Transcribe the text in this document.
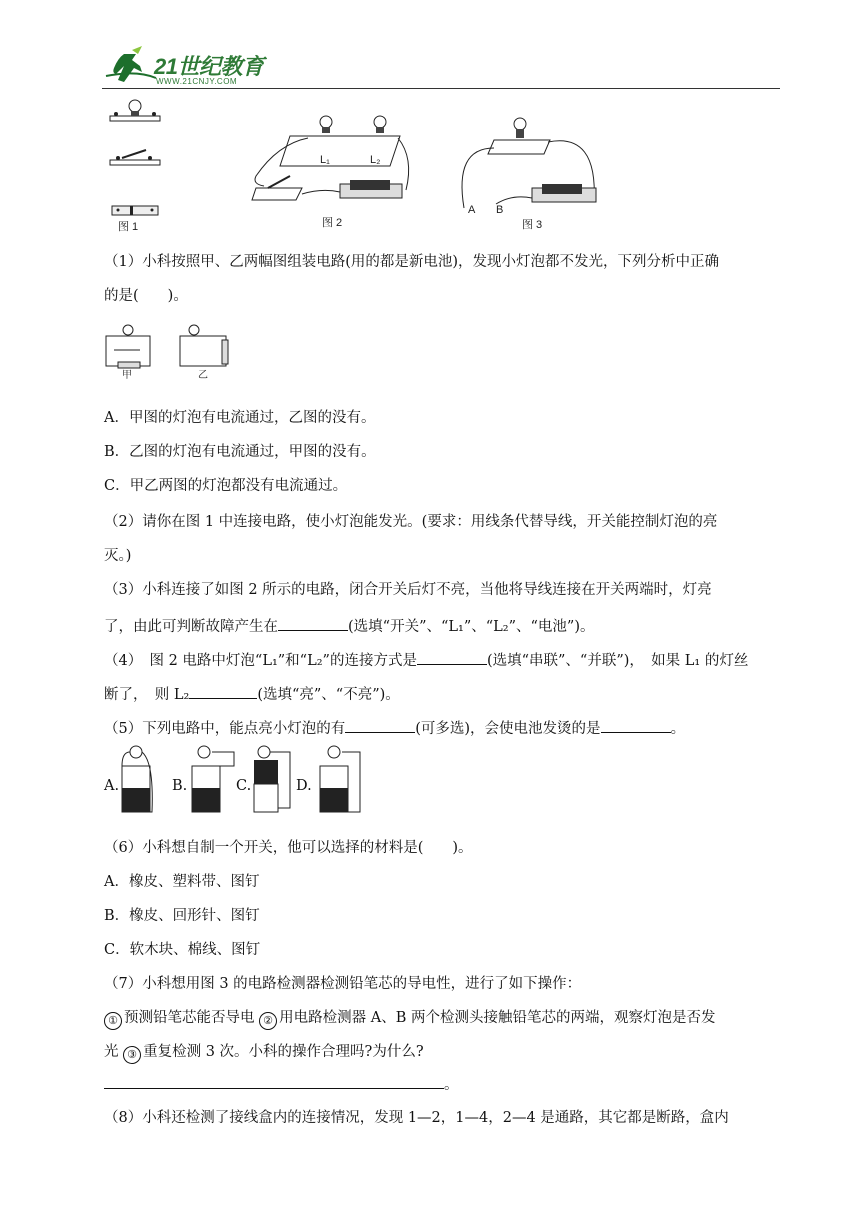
21世纪教育
WWW.21CNJY.COM
图 1
L₁	L₂
图 2
A B
图 3
（1）小科按照甲、乙两幅图组装电路(用的都是新电池)，发现小灯泡都不发光，下列分析中正确
的是(　　)。
甲	乙
A．甲图的灯泡有电流通过，乙图的没有。
B．乙图的灯泡有电流通过，甲图的没有。
C．甲乙两图的灯泡都没有电流通过。
（2）请你在图 1 中连接电路，使小灯泡能发光。(要求：用线条代替导线，开关能控制灯泡的亮
灭。)
（3）小科连接了如图 2 所示的电路，闭合开关后灯不亮，当他将导线连接在开关两端时，灯亮
了，由此可判断故障产生在	(选填“开关”、“L₁”、“L₂”、“电池”)。
（4）　图 2 电路中灯泡“L₁”和“L₂”的连接方式是	(选填“串联”、“并联”)，　如果 L₁ 的灯丝
断了，　则 L₂	(选填“亮”、“不亮”)。
（5）下列电路中，能点亮小灯泡的有	(可多选)，会使电池发烫的是	。
A.	B.	C.	D.
（6）小科想自制一个开关，他可以选择的材料是(　　)。
A．橡皮、塑料带、图钉
B．橡皮、回形针、图钉
C．软木块、棉线、图钉
（7）小科想用图 3 的电路检测器检测铅笔芯的导电性，进行了如下操作：
① 预测铅笔芯能否导电 ② 用电路检测器 A、B 两个检测头接触铅笔芯的两端，观察灯泡是否发
光 ③ 重复检测 3 次。小科的操作合理吗?为什么?
。
（8）小科还检测了接线盒内的连接情况，发现 1—2，1—4，2—4 是通路，其它都是断路，盒内
